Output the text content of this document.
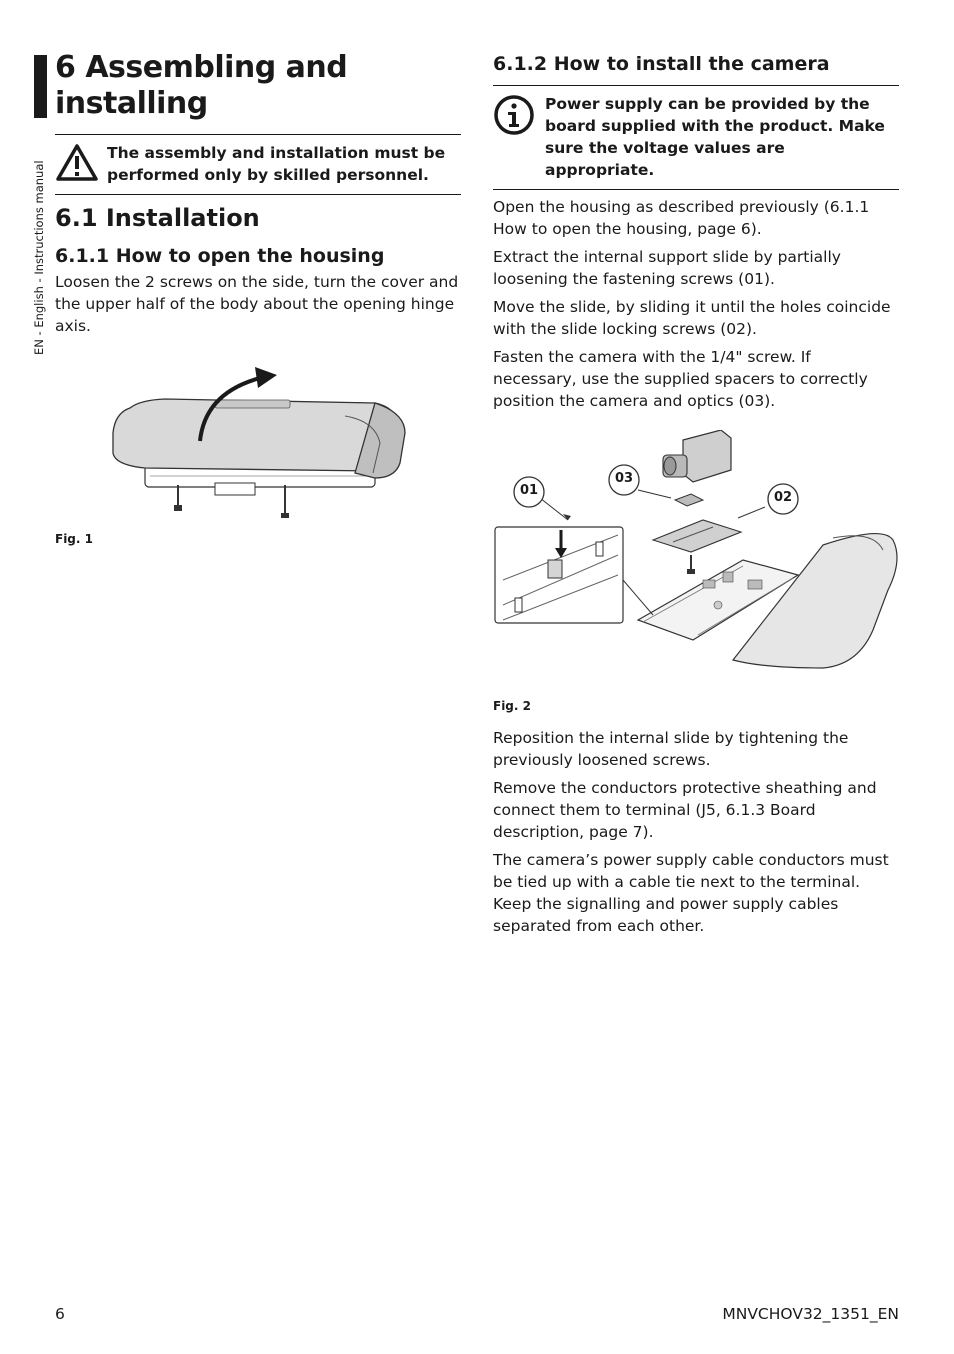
EN - English - Instructions manual
6 Assembling and installing
The assembly and installation must be performed only by skilled personnel.
6.1 Installation
6.1.1 How to open the housing

Loosen the 2 screws on the side, turn the cover and the upper half of the body about the opening hinge axis.

Fig. 1
6.1.2 How to install the camera
Power supply can be provided by the board supplied with the product. Make sure the voltage values are appropriate.

Open the housing as described previously (6.1.1 How to open the housing, page 6).

Extract the internal support slide by partially loosening the fastening screws (01).

Move the slide, by sliding it until the holes coincide with the slide locking screws (02).

Fasten the camera with the 1/4" screw. If necessary, use the supplied spacers to correctly position the camera and optics (03).

01
03
02
Fig. 2

Reposition the internal slide by tightening the previously loosened screws.

Remove the conductors protective sheathing and connect them to terminal (J5, 6.1.3 Board description, page 7).

The camera’s power supply cable conductors must be tied up with a cable tie next to the terminal. Keep the signalling and power supply cables separated from each other.

6	MNVCHOV32_1351_EN
